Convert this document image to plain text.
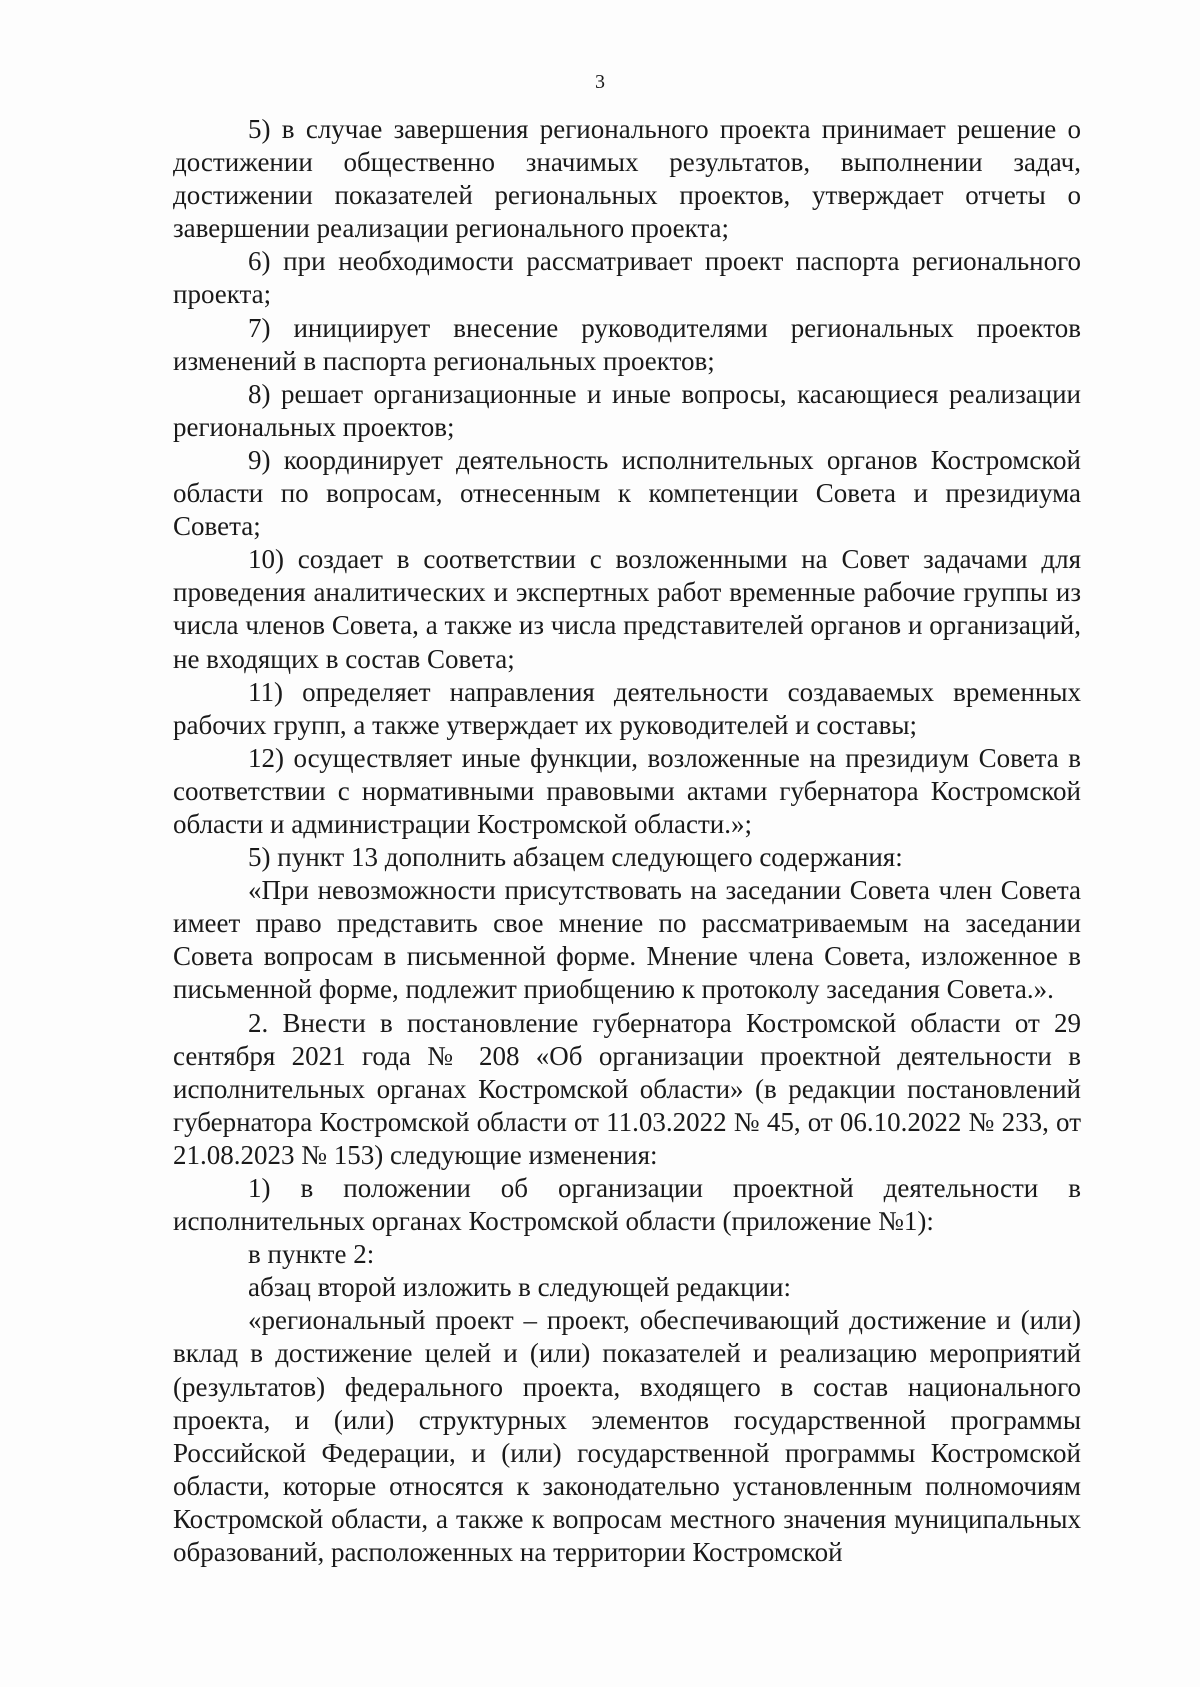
3

5) в случае завершения регионального проекта принимает решение о достижении общественно значимых результатов, выполнении задач, достижении показателей региональных проектов, утверждает отчеты о завершении реализации регионального проекта;

6) при необходимости рассматривает проект паспорта регионального проекта;

7) инициирует внесение руководителями региональных проектов изменений в паспорта региональных проектов;

8) решает организационные и иные вопросы, касающиеся реализации региональных проектов;

9) координирует деятельность исполнительных органов Костромской области по вопросам, отнесенным к компетенции Совета и президиума Совета;

10) создает в соответствии с возложенными на Совет задачами для проведения аналитических и экспертных работ временные рабочие группы из числа членов Совета, а также из числа представителей органов и организаций, не входящих в состав Совета;

11) определяет направления деятельности создаваемых временных рабочих групп, а также утверждает их руководителей и составы;

12) осуществляет иные функции, возложенные на президиум Совета в соответствии с нормативными правовыми актами губернатора Костромской области и администрации Костромской области.»;

5) пункт 13 дополнить абзацем следующего содержания:

«При невозможности присутствовать на заседании Совета член Совета имеет право представить свое мнение по рассматриваемым на заседании Совета вопросам в письменной форме. Мнение члена Совета, изложенное в письменной форме, подлежит приобщению к протоколу заседания Совета.».

2. Внести в постановление губернатора Костромской области от 29 сентября 2021 года № 208 «Об организации проектной деятельности в исполнительных органах Костромской области» (в редакции постановлений губернатора Костромской области от 11.03.2022 № 45, от 06.10.2022 № 233, от 21.08.2023 № 153) следующие изменения:

1) в положении об организации проектной деятельности в исполнительных органах Костромской области (приложение №1):

в пункте 2:

абзац второй изложить в следующей редакции:

«региональный проект – проект, обеспечивающий достижение и (или) вклад в достижение целей и (или) показателей и реализацию мероприятий (результатов) федерального проекта, входящего в состав национального проекта, и (или) структурных элементов государственной программы Российской Федерации, и (или) государственной программы Костромской области, которые относятся к законодательно установленным полномочиям Костромской области, а также к вопросам местного значения муниципальных образований, расположенных на территории Костромской
